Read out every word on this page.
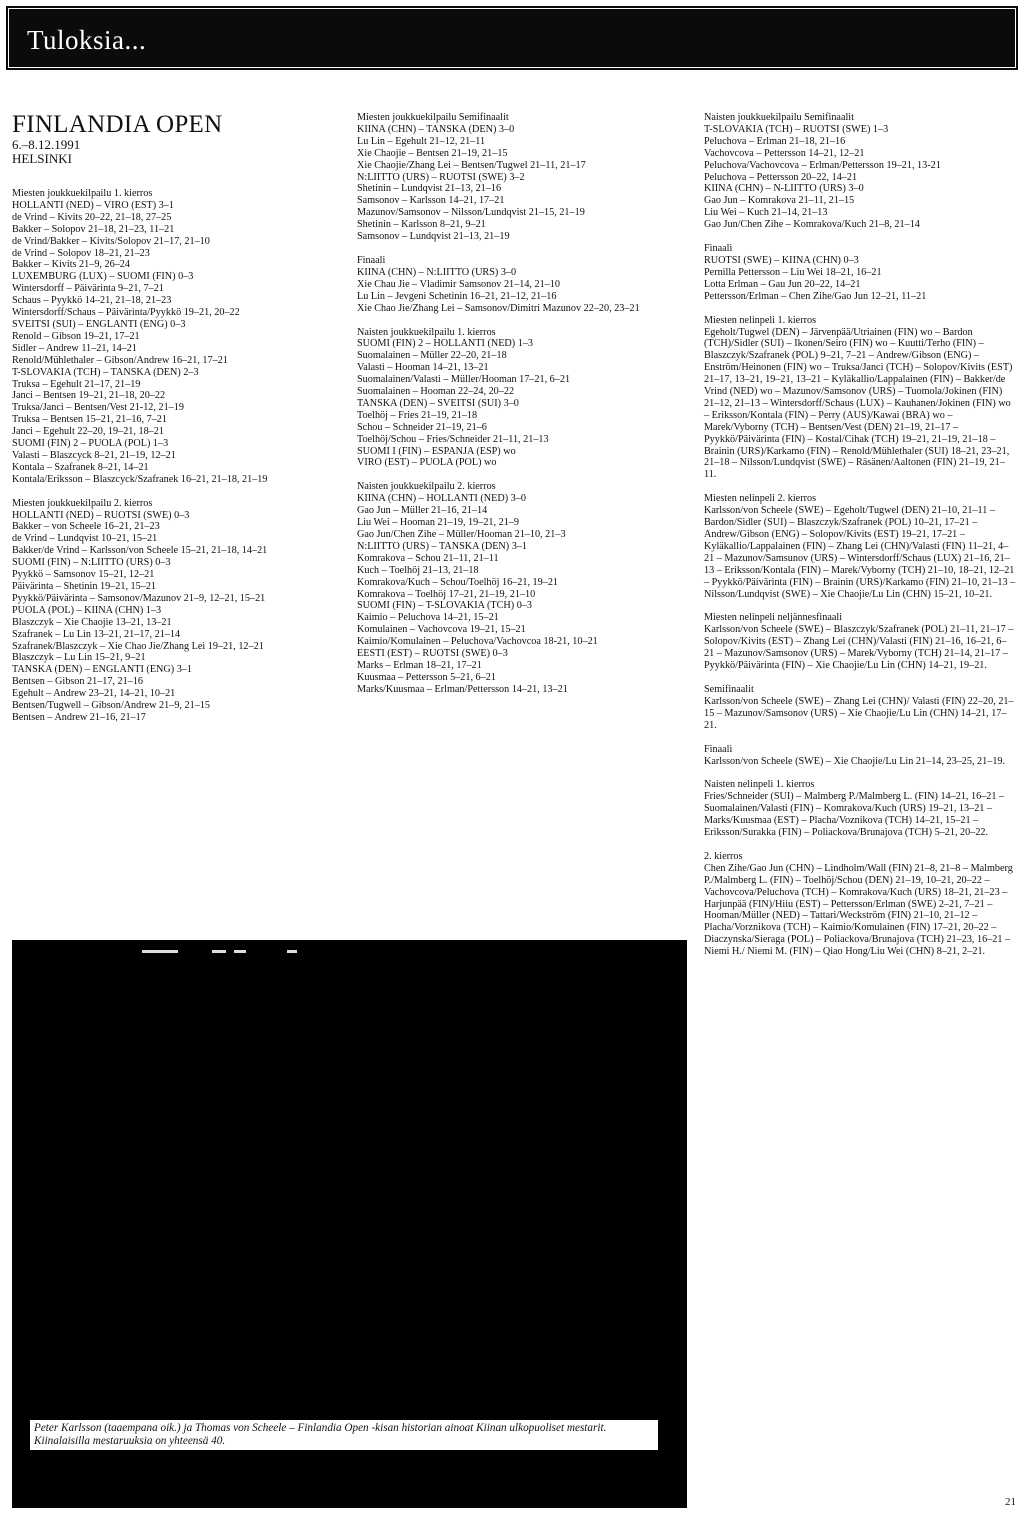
Tuloksia...
FINLANDIA OPEN
6.–8.12.1991
HELSINKI
Miesten joukkuekilpailu 1. kierros
HOLLANTI (NED) – VIRO (EST) 3–1
de Vrind – Kivits 20–22, 21–18, 27–25
Bakker – Solopov 21–18, 21–23, 11–21
de Vrind/Bakker – Kivits/Solopov 21–17, 21–10
de Vrind – Solopov 18–21, 21–23
Bakker – Kivits 21–9, 26–24
LUXEMBURG (LUX) – SUOMI (FIN) 0–3
Wintersdorff – Päivärinta 9–21, 7–21
Schaus – Pyykkö 14–21, 21–18, 21–23
Wintersdorff/Schaus – Päivärinta/Pyykkö 19–21, 20–22
SVEITSI (SUI) – ENGLANTI (ENG) 0–3
Renold – Gibson 19–21, 17–21
Sidler – Andrew 11–21, 14–21
Renold/Mühlethaler – Gibson/Andrew 16–21, 17–21
T-SLOVAKIA (TCH) – TANSKA (DEN) 2–3
Truksa – Egehult 21–17, 21–19
Janci – Bentsen 19–21, 21–18, 20–22
Truksa/Janci – Bentsen/Vest 21-12, 21–19
Truksa – Bentsen 15–21, 21–16, 7–21
Janci – Egehult 22–20, 19–21, 18–21
SUOMI (FIN) 2 – PUOLA (POL) 1–3
Valasti – Blaszcyck 8–21, 21–19, 12–21
Kontala – Szafranek 8–21, 14–21
Kontala/Eriksson – Blaszcyck/Szafranek 16–21, 21–18, 21–19
Miesten joukkuekilpailu 2. kierros
HOLLANTI (NED) – RUOTSI (SWE) 0–3
Bakker – von Scheele 16–21, 21–23
de Vrind – Lundqvist 10–21, 15–21
Bakker/de Vrind – Karlsson/von Scheele 15–21, 21–18, 14–21
SUOMI (FIN) – N:LIITTO (URS) 0–3
Pyykkö – Samsonov 15–21, 12–21
Päivärinta – Shetinin 19–21, 15–21
Pyykkö/Päivärinta – Samsonov/Mazunov 21–9, 12–21, 15–21
PUOLA (POL) – KIINA (CHN) 1–3
Blaszczyk – Xie Chaojie 13–21, 13–21
Szafranek – Lu Lin 13–21, 21–17, 21–14
Szafranek/Blaszczyk – Xie Chao Jie/Zhang Lei 19–21, 12–21
Blaszczyk – Lu Lin 15–21, 9–21
TANSKA (DEN) – ENGLANTI (ENG) 3–1
Bentsen – Gibson 21–17, 21–16
Egehult – Andrew 23–21, 14–21, 10–21
Bentsen/Tugwell – Gibson/Andrew 21–9, 21–15
Bentsen – Andrew 21–16, 21–17
Miesten joukkuekilpailu Semifinaalit
KIINA (CHN) – TANSKA (DEN) 3–0
Lu Lin – Egehult 21–12, 21–11
Xie Chaojie – Bentsen 21–19, 21–15
Xie Chaojie/Zhang Lei – Bentsen/Tugwel 21–11, 21–17
N:LIITTO (URS) – RUOTSI (SWE) 3–2
Shetinin – Lundqvist 21–13, 21–16
Samsonov – Karlsson 14–21, 17–21
Mazunov/Samsonov – Nilsson/Lundqvist 21–15, 21–19
Shetinin – Karlsson 8–21, 9–21
Samsonov – Lundqvist 21–13, 21–19
Finaali
KIINA (CHN) – N:LIITTO (URS) 3–0
Xie Chau Jie – Vladimir Samsonov 21–14, 21–10
Lu Lin – Jevgeni Schetinin 16–21, 21–12, 21–16
Xie Chao Jie/Zhang Lei – Samsonov/Dimitri Mazunov 22–20, 23–21
Naisten joukkuekilpailu 1. kierros
SUOMI (FIN) 2 – HOLLANTI (NED) 1–3
Suomalainen – Müller 22–20, 21–18
Valasti – Hooman 14–21, 13–21
Suomalainen/Valasti – Müller/Hooman 17–21, 6–21
Suomalainen – Hooman 22–24, 20–22
TANSKA (DEN) – SVEITSI (SUI) 3–0
Toelhöj – Fries 21–19, 21–18
Schou – Schneider 21–19, 21–6
Toelhöj/Schou – Fries/Schneider 21–11, 21–13
SUOMI I (FIN) – ESPANJA (ESP) wo
VIRO (EST) – PUOLA (POL) wo
Naisten joukkuekilpailu 2. kierros
KIINA (CHN) – HOLLANTI (NED) 3–0
Gao Jun – Müller 21–16, 21–14
Liu Wei – Hooman 21–19, 19–21, 21–9
Gao Jun/Chen Zihe – Müller/Hooman 21–10, 21–3
N:LIITTO (URS) – TANSKA (DEN) 3–1
Komrakova – Schou 21–11, 21–11
Kuch – Toelhöj 21–13, 21–18
Komrakova/Kuch – Schou/Toelhöj 16–21, 19–21
Komrakova – Toelhöj 17–21, 21–19, 21–10
SUOMI (FIN) – T-SLOVAKIA (TCH) 0–3
Kaimio – Peluchova 14–21, 15–21
Komulainen – Vachovcova 19–21, 15–21
Kaimio/Komulainen – Peluchova/Vachovcoa 18-21, 10–21
EESTI (EST) – RUOTSI (SWE) 0–3
Marks – Erlman 18–21, 17–21
Kuusmaa – Pettersson 5–21, 6–21
Marks/Kuusmaa – Erlman/Pettersson 14–21, 13–21
Naisten joukkuekilpailu Semifinaalit
T-SLOVAKIA (TCH) – RUOTSI (SWE) 1–3
Peluchova – Erlman 21–18, 21–16
Vachovcova – Pettersson 14–21, 12–21
Peluchova/Vachovcova – Erlman/Pettersson 19–21, 13-21
Peluchova – Pettersson 20–22, 14–21
KIINA (CHN) – N-LIITTO (URS) 3–0
Gao Jun – Komrakova 21–11, 21–15
Liu Wei – Kuch 21–14, 21–13
Gao Jun/Chen Zihe – Komrakova/Kuch 21–8, 21–14
Finaali
RUOTSI (SWE) – KIINA (CHN) 0–3
Pernilla Pettersson – Liu Wei 18–21, 16–21
Lotta Erlman – Gau Jun 20–22, 14–21
Pettersson/Erlman – Chen Zihe/Gao Jun 12–21, 11–21
Miesten nelinpeli 1. kierros
Egeholt/Tugwel (DEN) – Järvenpää/Utriainen (FIN) wo – Bardon (TCH)/Sidler (SUI) – Ikonen/Seiro (FIN) wo – Kuutti/Terho (FIN) – Blaszczyk/Szafranek (POL) 9–21, 7–21 – Andrew/Gibson (ENG) – Enström/Heinonen (FIN) wo – Truksa/Janci (TCH) – Solopov/Kivits (EST) 21–17, 13–21, 19–21, 13–21 – Kyläkallio/Lappalainen (FIN) – Bakker/de Vrind (NED) wo – Mazunov/Samsonov (URS) – Tuomola/Jokinen (FIN) 21–12, 21–13 – Wintersdorff/Schaus (LUX) – Kauhanen/Jokinen (FIN) wo – Eriksson/Kontala (FIN) – Perry (AUS)/Kawai (BRA) wo – Marek/Vyborny (TCH) – Bentsen/Vest (DEN) 21–19, 21–17 – Pyykkö/Päivärinta (FIN) – Kostal/Cihak (TCH) 19–21, 21–19, 21–18 – Brainin (URS)/Karkamo (FIN) – Renold/Mühlethaler (SUI) 18–21, 23–21, 21–18 – Nilsson/Lundqvist (SWE) – Räsänen/Aaltonen (FIN) 21–19, 21–11.
Miesten nelinpeli 2. kierros
Karlsson/von Scheele (SWE) – Egeholt/Tugwel (DEN) 21–10, 21–11 – Bardon/Sidler (SUI) – Blaszczyk/Szafranek (POL) 10–21, 17–21 – Andrew/Gibson (ENG) – Solopov/Kivits (EST) 19–21, 17–21 – Kyläkallio/Lappalainen (FIN) – Zhang Lei (CHN)/Valasti (FIN) 11–21, 4–21 – Mazunov/Samsunov (URS) – Wintersdorff/Schaus (LUX) 21–16, 21–13 – Eriksson/Kontala (FIN) – Marek/Vyborny (TCH) 21–10, 18–21, 12–21 – Pyykkö/Päivärinta (FIN) – Brainin (URS)/Karkamo (FIN) 21–10, 21–13 – Nilsson/Lundqvist (SWE) – Xie Chaojie/Lu Lin (CHN) 15–21, 10–21.
Miesten nelinpeli neljännesfinaali
Karlsson/von Scheele (SWE) – Blaszczyk/Szafranek (POL) 21–11, 21–17 – Solopov/Kivits (EST) – Zhang Lei (CHN)/Valasti (FIN) 21–16, 16–21, 6–21 – Mazunov/Samsonov (URS) – Marek/Vyborny (TCH) 21–14, 21–17 – Pyykkö/Päivärinta (FIN) – Xie Chaojie/Lu Lin (CHN) 14–21, 19–21.
Semifinaalit
Karlsson/von Scheele (SWE) – Zhang Lei (CHN)/ Valasti (FIN) 22–20, 21–15 – Mazunov/Samsonov (URS) – Xie Chaojie/Lu Lin (CHN) 14–21, 17–21.
Finaali
Karlsson/von Scheele (SWE) – Xie Chaojie/Lu Lin 21–14, 23–25, 21–19.
Naisten nelinpeli 1. kierros
Fries/Schneider (SUI) – Malmberg P./Malmberg L. (FIN) 14–21, 16–21 – Suomalainen/Valasti (FIN) – Komrakova/Kuch (URS) 19–21, 13–21 – Marks/Kuusmaa (EST) – Placha/Voznikova (TCH) 14–21, 15–21 – Eriksson/Surakka (FIN) – Poliackova/Brunajova (TCH) 5–21, 20–22.
2. kierros
Chen Zihe/Gao Jun (CHN) – Lindholm/Wall (FIN) 21–8, 21–8 – Malmberg P./Malmberg L. (FIN) – Toelhöj/Schou (DEN) 21–19, 10–21, 20–22 – Vachovcova/Peluchova (TCH) – Komrakova/Kuch (URS) 18–21, 21–23 – Harjunpää (FIN)/Hiiu (EST) – Pettersson/Erlman (SWE) 2–21, 7–21 – Hooman/Müller (NED) – Tattari/Weckström (FIN) 21–10, 21–12 – Placha/Vorznikova (TCH) – Kaimio/Komulainen (FIN) 17–21, 20–22 – Diaczynska/Sieraga (POL) – Poliackova/Brunajova (TCH) 21–23, 16–21 – Niemi H./ Niemi M. (FIN) – Qiao Hong/Liu Wei (CHN) 8–21, 2–21.
Peter Karlsson (taaempana oik.) ja Thomas von Scheele – Finlandia Open -kisan historian ainoat Kiinan ulkopuoliset mestarit. Kiinalaisilla mestaruuksia on yhteensä 40.
21
